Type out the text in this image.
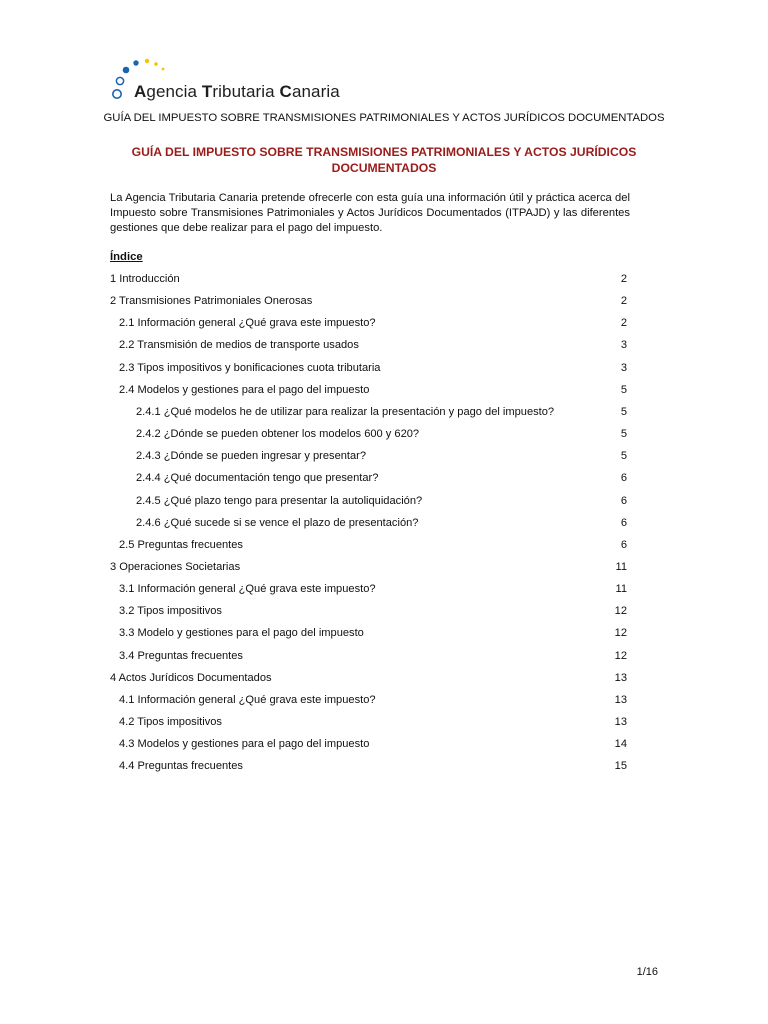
Agencia Tributaria Canaria
GUÍA DEL IMPUESTO SOBRE TRANSMISIONES PATRIMONIALES Y ACTOS JURÍDICOS DOCUMENTADOS
GUÍA DEL IMPUESTO SOBRE TRANSMISIONES PATRIMONIALES Y ACTOS JURÍDICOS
DOCUMENTADOS
La Agencia Tributaria Canaria pretende ofrecerle con esta guía una información útil y práctica acerca del Impuesto sobre Transmisiones Patrimoniales y Actos Jurídicos Documentados (ITPAJD) y las diferentes gestiones que debe realizar para el pago del impuesto.
Índice
1 Introducción	2
2 Transmisiones Patrimoniales Onerosas	2
2.1 Información general ¿Qué grava este impuesto?	2
2.2 Transmisión de medios de transporte usados	3
2.3 Tipos impositivos y bonificaciones cuota tributaria	3
2.4 Modelos y gestiones para el pago del impuesto	5
2.4.1 ¿Qué modelos he de utilizar para realizar la presentación y pago del impuesto?	5
2.4.2 ¿Dónde se pueden obtener los modelos 600 y 620?	5
2.4.3 ¿Dónde se pueden ingresar y presentar?	5
2.4.4 ¿Qué documentación tengo que presentar?	6
2.4.5 ¿Qué plazo tengo para presentar la autoliquidación?	6
2.4.6 ¿Qué sucede si se vence el plazo de presentación?	6
2.5 Preguntas frecuentes	6
3 Operaciones Societarias	11
3.1 Información general ¿Qué grava este impuesto?	11
3.2 Tipos impositivos	12
3.3 Modelo y gestiones para el pago del impuesto	12
3.4 Preguntas frecuentes	12
4 Actos Jurídicos Documentados	13
4.1 Información general ¿Qué grava este impuesto?	13
4.2 Tipos impositivos	13
4.3 Modelos y gestiones para el pago del impuesto	14
4.4 Preguntas frecuentes	15
1/16
